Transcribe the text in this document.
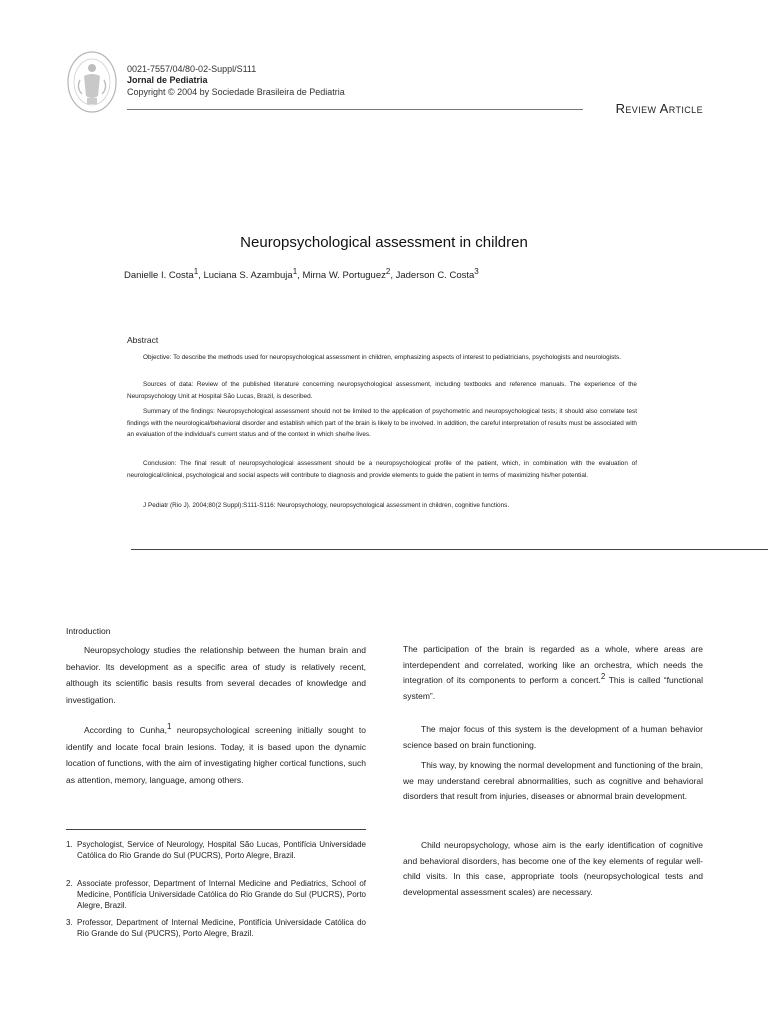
0021-7557/04/80-02-Suppl/S111
Jornal de Pediatria
Copyright © 2004 by Sociedade Brasileira de Pediatria
Review Article
Neuropsychological assessment in children
Danielle I. Costa$^1$, Luciana S. Azambuja$^1$, Mirna W. Portuguez$^2$, Jaderson C. Costa$^3$
Abstract

Objective: To describe the methods used for neuropsychological assessment in children, emphasizing aspects of interest to pediatricians, psychologists and neurologists.

Sources of data: Review of the published literature concerning neuropsychological assessment, including textbooks and reference manuals. The experience of the Neuropsychology Unit at Hospital São Lucas, Brazil, is described.

Summary of the findings: Neuropsychological assessment should not be limited to the application of psychometric and neuropsychological tests; it should also correlate test findings with the neurological/behavioral disorder and establish which part of the brain is likely to be involved. In addition, the careful interpretation of results must be associated with an evaluation of the individual's current status and of the context in which she/he lives.

Conclusion: The final result of neuropsychological assessment should be a neuropsychological profile of the patient, which, in combination with the evaluation of neurological/clinical, psychological and social aspects will contribute to diagnosis and provide elements to guide the patient in terms of maximizing his/her potential.

J Pediatr (Rio J). 2004;80(2 Suppl):S111-S116: Neuropsychology, neuropsychological assessment in children, cognitive functions.

Introduction

Neuropsychology studies the relationship between the human brain and behavior. Its development as a specific area of study is relatively recent, although its scientific basis results from several decades of knowledge and investigation.

According to Cunha,$^1$ neuropsychological screening initially sought to identify and locate focal brain lesions. Today, it is based upon the dynamic location of functions, with the aim of investigating higher cortical functions, such as attention, memory, language, among others.

The participation of the brain is regarded as a whole, where areas are interdependent and correlated, working like an orchestra, which needs the integration of its components to perform a concert.$^2$ This is called “functional system”.

The major focus of this system is the development of a human behavior science based on brain functioning.

This way, by knowing the normal development and functioning of the brain, we may understand cerebral abnormalities, such as cognitive and behavioral disorders that result from injuries, diseases or abnormal brain development.

Child neuropsychology, whose aim is the early identification of cognitive and behavioral disorders, has become one of the key elements of regular well-child visits. In this case, appropriate tools (neuropsychological tests and developmental assessment scales) are necessary.

1. Psychologist, Service of Neurology, Hospital São Lucas, Pontifícia Universidade Católica do Rio Grande do Sul (PUCRS), Porto Alegre, Brazil.
2. Associate professor, Department of Internal Medicine and Pediatrics, School of Medicine, Pontifícia Universidade Católica do Rio Grande do Sul (PUCRS), Porto Alegre, Brazil.
3. Professor, Department of Internal Medicine, Pontifícia Universidade Católica do Rio Grande do Sul (PUCRS), Porto Alegre, Brazil.
